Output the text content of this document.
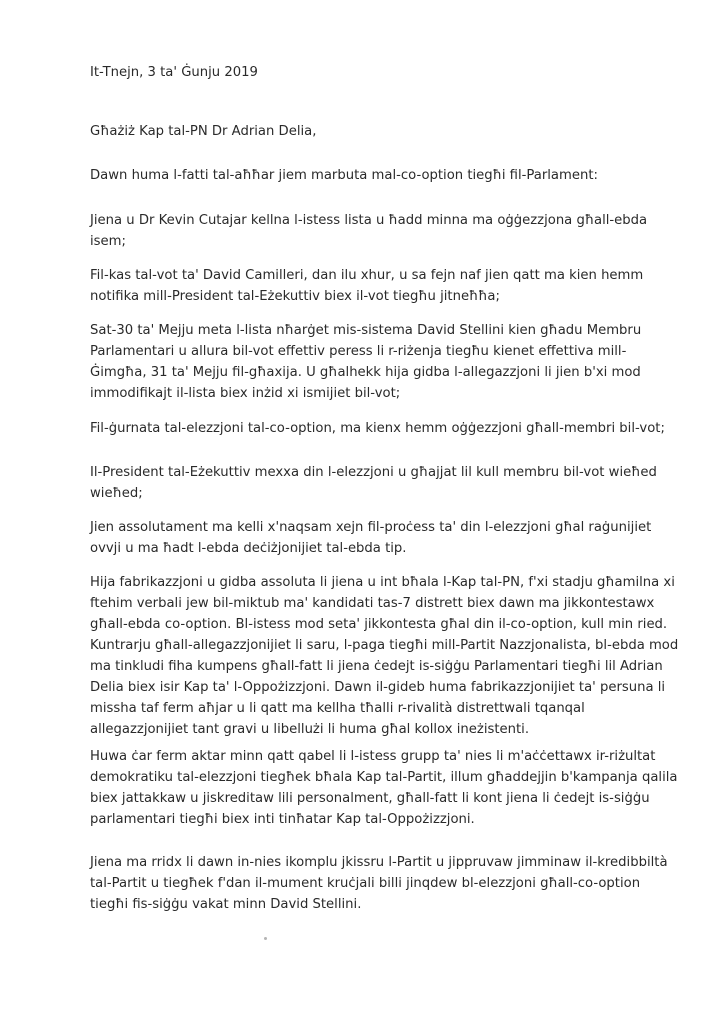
It-Tnejn, 3 ta' Ġunju 2019

Għażiż Kap tal-PN Dr Adrian Delia,

Dawn huma l-fatti tal-aħħar jiem marbuta mal-co-option tiegħi fil-Parlament:

Jiena u Dr Kevin Cutajar kellna l-istess lista u ħadd minna ma oġġezzjona għall-ebda isem;

Fil-kas tal-vot ta' David Camilleri, dan ilu xhur, u sa fejn naf jien qatt ma kien hemm notifika mill-President tal-Eżekuttiv biex il-vot tiegħu jitneħħa;

Sat-30 ta' Mejju meta l-lista nħarġet mis-sistema David Stellini kien għadu Membru Parlamentari u allura bil-vot effettiv peress li r-riżenja tiegħu kienet effettiva mill-Ġimgħa, 31 ta' Mejju fil-għaxija. U għalhekk hija gidba l-allegazzjoni li jien b'xi mod immodifikajt il-lista biex inżid xi ismijiet bil-vot;

Fil-ġurnata tal-elezzjoni tal-co-option, ma kienx hemm oġġezzjoni għall-membri bil-vot;

Il-President tal-Eżekuttiv mexxa din l-elezzjoni u għajjat lil kull membru bil-vot wieħed wieħed;

Jien assolutament ma kelli x'naqsam xejn fil-proċess ta' din l-elezzjoni għal raġunijiet ovvji u ma ħadt l-ebda deċiżjonijiet tal-ebda tip.

Hija fabrikazzjoni u gidba assoluta li jiena u int bħala l-Kap tal-PN, f'xi stadju għamilna xi ftehim verbali jew bil-miktub ma' kandidati tas-7 distrett biex dawn ma jikkontestawx għall-ebda co-option. Bl-istess mod seta' jikkontesta għal din il-co-option, kull min ried. Kuntrarju għall-allegazzjonijiet li saru, l-paga tiegħi mill-Partit Nazzjonalista, bl-ebda mod ma tinkludi fiha kumpens għall-fatt li jiena ċedejt is-siġġu Parlamentari tiegħi lil Adrian Delia biex isir Kap ta' l-Oppożizzjoni. Dawn il-gideb huma fabrikazzjonijiet ta' persuna li missha taf ferm aħjar u li qatt ma kellha tħalli r-rivalità distrettwali tqanqal allegazzjonijiet tant gravi u libellużi li huma għal kollox ineżistenti.

Huwa ċar ferm aktar minn qatt qabel li l-istess grupp ta' nies li m'aċċettawx ir-riżultat demokratiku tal-elezzjoni tiegħek bħala Kap tal-Partit, illum għaddejjin b'kampanja qalila biex jattakkaw u jiskreditaw lili personalment, għall-fatt li kont jiena li ċedejt is-siġġu parlamentari tiegħi biex inti tinħatar Kap tal-Oppożizzjoni.

Jiena ma rridx li dawn in-nies ikomplu jkissru l-Partit u jippruvaw jimminaw il-kredibbiltà tal-Partit u tiegħek f'dan il-mument kruċjali billi jinqdew bl-elezzjoni għall-co-option tiegħi fis-siġġu vakat minn David Stellini.
